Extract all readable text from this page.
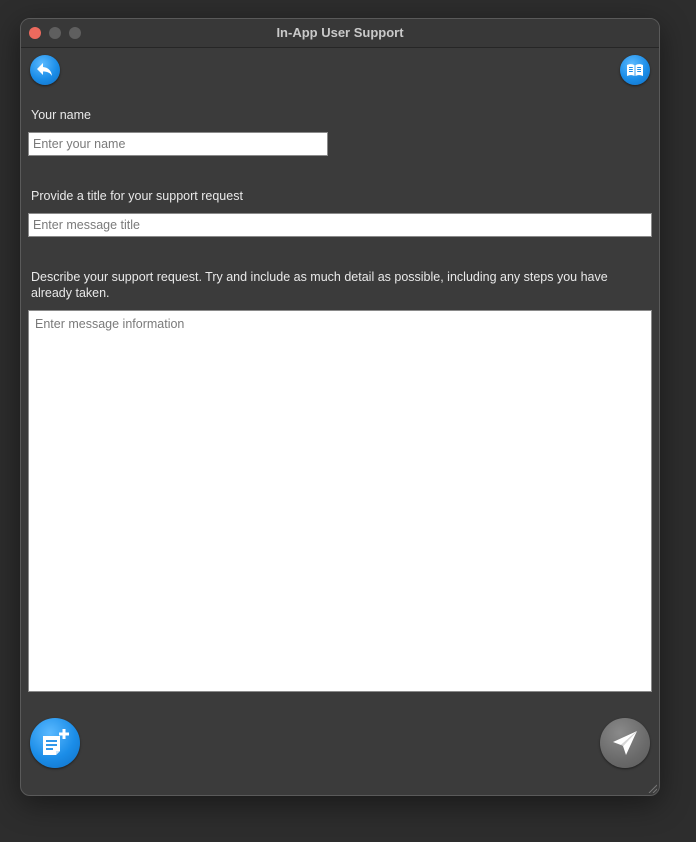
In-App User Support
Your name
Enter your name
Provide a title for your support request
Enter message title
Describe your support request. Try and include as much detail as possible, including any steps you have already taken.
Enter message information
